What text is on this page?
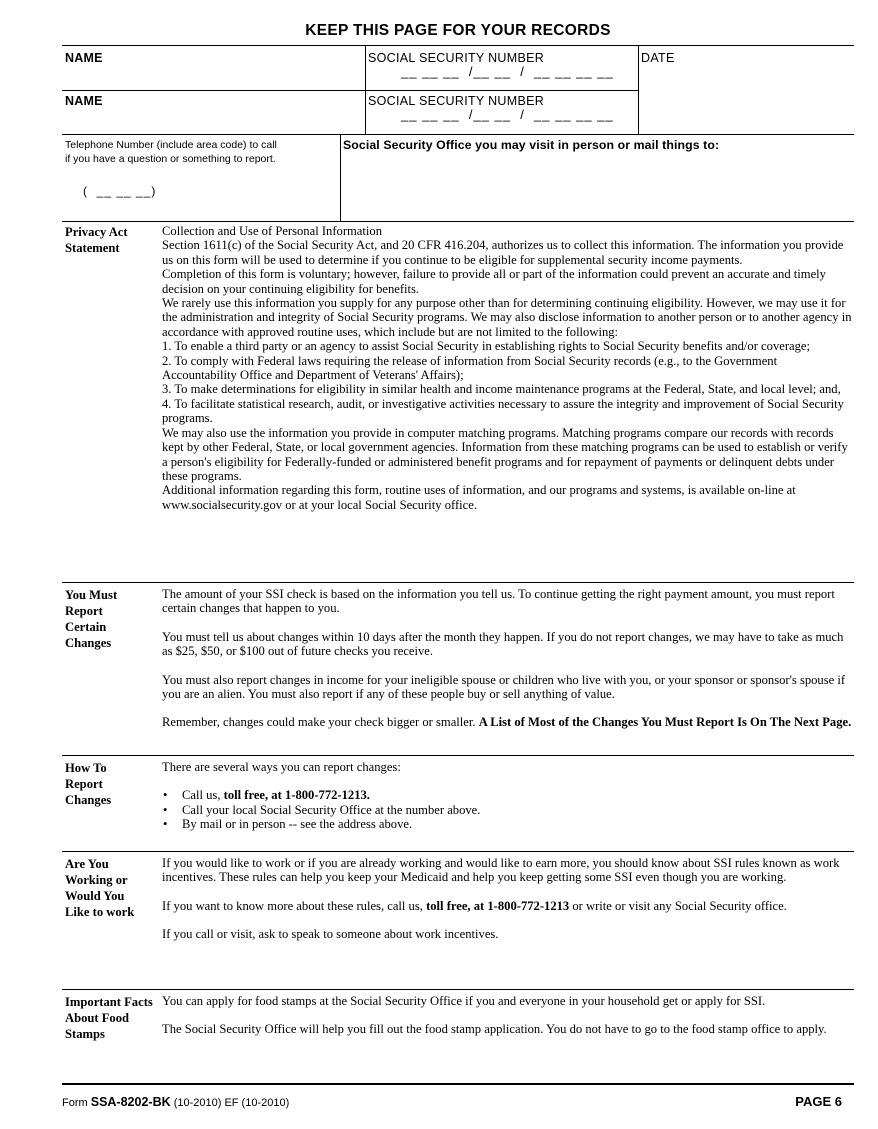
KEEP THIS PAGE FOR YOUR RECORDS
NAME	SOCIAL SECURITY NUMBER
__ __ __  /__ __  /  __ __ __ __
DATE
NAME	SOCIAL SECURITY NUMBER
__ __ __  /__ __  /  __ __ __ __
Telephone Number (include area code) to call
if you have a question or something to report.
(  __ __ __)
Social Security Office you may visit in person or mail things to:
Privacy Act Statement

Collection and Use of Personal Information

Section 1611(c) of the Social Security Act, and 20 CFR 416.204, authorizes us to collect this information. The information you provide us on this form will be used to determine if you continue to be eligible for supplemental security income payments.

Completion of this form is voluntary; however, failure to provide all or part of the information could prevent an accurate and timely decision on your continuing eligibility for benefits.

We rarely use this information you supply for any purpose other than for determining continuing eligibility. However, we may use it for the administration and integrity of Social Security programs. We may also disclose information to another person or to another agency in accordance with approved routine uses, which include but are not limited to the following:

1. To enable a third party or an agency to assist Social Security in establishing rights to Social Security benefits and/or coverage;

2. To comply with Federal laws requiring the release of information from Social Security records (e.g., to the Government Accountability Office and Department of Veterans' Affairs);

3. To make determinations for eligibility in similar health and income maintenance programs at the Federal, State, and local level; and,

4. To facilitate statistical research, audit, or investigative activities necessary to assure the integrity and improvement of Social Security programs.

We may also use the information you provide in computer matching programs. Matching programs compare our records with records kept by other Federal, State, or local government agencies. Information from these matching programs can be used to establish or verify a person's eligibility for Federally-funded or administered benefit programs and for repayment of payments or delinquent debts under these programs.

Additional information regarding this form, routine uses of information, and our programs and systems, is available on-line at www.socialsecurity.gov or at your local Social Security office.

You Must Report Certain Changes

The amount of your SSI check is based on the information you tell us. To continue getting the right payment amount, you must report certain changes that happen to you.

You must tell us about changes within 10 days after the month they happen. If you do not report changes, we may have to take as much as $25, $50, or $100 out of future checks you receive.

You must also report changes in income for your ineligible spouse or children who live with you, or your sponsor or sponsor's spouse if you are an alien. You must also report if any of these people buy or sell anything of value.

Remember, changes could make your check bigger or smaller. A List of Most of the Changes You Must Report Is On The Next Page.

How To Report Changes

There are several ways you can report changes:

• Call us, toll free, at 1-800-772-1213.
• Call your local Social Security Office at the number above.
• By mail or in person -- see the address above.
Are You Working or Would You Like to work

If you would like to work or if you are already working and would like to earn more, you should know about SSI rules known as work incentives. These rules can help you keep your Medicaid and help you keep getting some SSI even though you are working.

If you want to know more about these rules, call us, toll free, at 1-800-772-1213 or write or visit any Social Security office.

If you call or visit, ask to speak to someone about work incentives.

Important Facts About Food Stamps

You can apply for food stamps at the Social Security Office if you and everyone in your household get or apply for SSI.

The Social Security Office will help you fill out the food stamp application. You do not have to go to the food stamp office to apply.

Form SSA-8202-BK (10-2010) EF (10-2010)	PAGE 6
